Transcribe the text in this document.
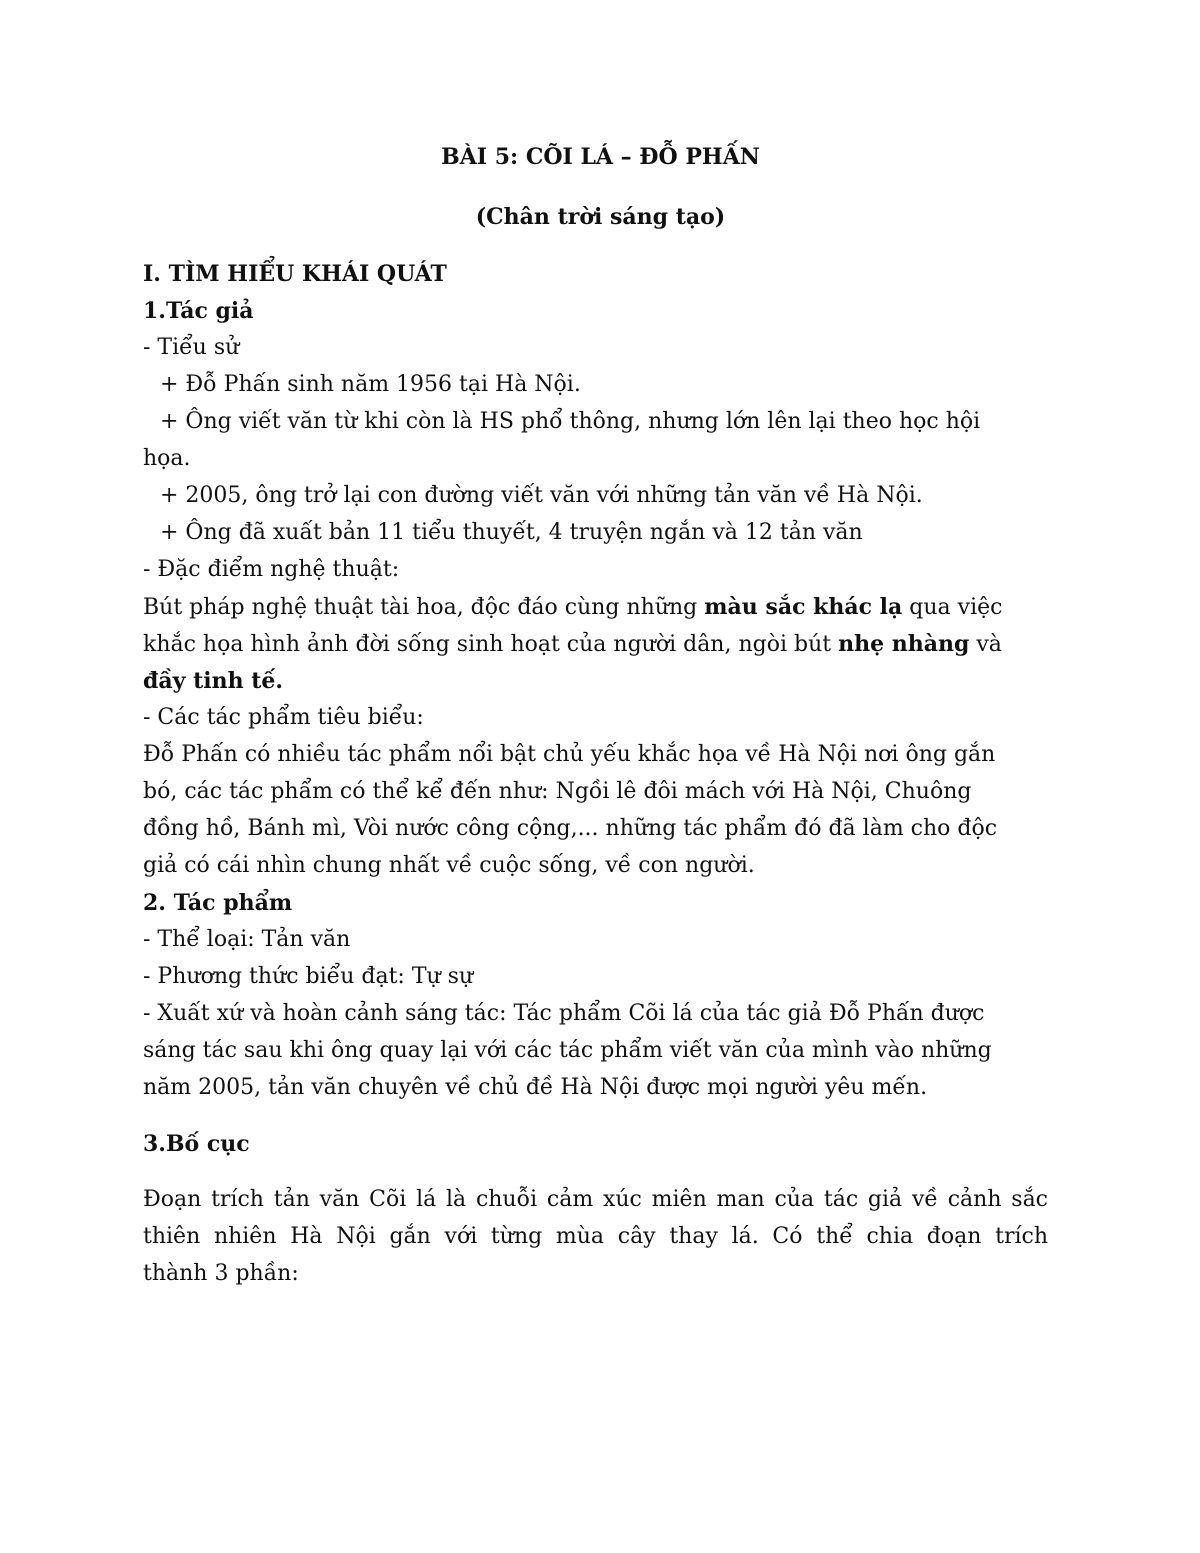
BÀI 5: CÕI LÁ – ĐỖ PHẤN
(Chân trời sáng tạo)
I. TÌM HIỂU KHÁI QUÁT
1.Tác giả
- Tiểu sử
+ Đỗ Phấn sinh năm 1956 tại Hà Nội.
+ Ông viết văn từ khi còn là HS phổ thông, nhưng lớn lên lại theo học hội
họa.
+ 2005, ông trở lại con đường viết văn với những tản văn về Hà Nội.
+ Ông đã xuất bản 11 tiểu thuyết, 4 truyện ngắn và 12 tản văn
- Đặc điểm nghệ thuật:
Bút pháp nghệ thuật tài hoa, độc đáo cùng những màu sắc khác lạ qua việc
khắc họa hình ảnh đời sống sinh hoạt của người dân, ngòi bút nhẹ nhàng và
đầy tinh tế.
- Các tác phẩm tiêu biểu:
Đỗ Phấn có nhiều tác phẩm nổi bật chủ yếu khắc họa về Hà Nội nơi ông gắn
bó, các tác phẩm có thể kể đến như: Ngồi lê đôi mách với Hà Nội, Chuông
đồng hồ, Bánh mì, Vòi nước công cộng,... những tác phẩm đó đã làm cho độc
giả có cái nhìn chung nhất về cuộc sống, về con người.
2. Tác phẩm
- Thể loại: Tản văn
- Phương thức biểu đạt: Tự sự
- Xuất xứ và hoàn cảnh sáng tác: Tác phẩm Cõi lá của tác giả Đỗ Phấn được
sáng tác sau khi ông quay lại với các tác phẩm viết văn của mình vào những
năm 2005, tản văn chuyên về chủ đề Hà Nội được mọi người yêu mến.
3.Bố cục
Đoạn trích tản văn Cõi lá là chuỗi cảm xúc miên man của tác giả về cảnh sắc
thiên nhiên Hà Nội gắn với từng mùa cây thay lá. Có thể chia đoạn trích
thành 3 phần:
